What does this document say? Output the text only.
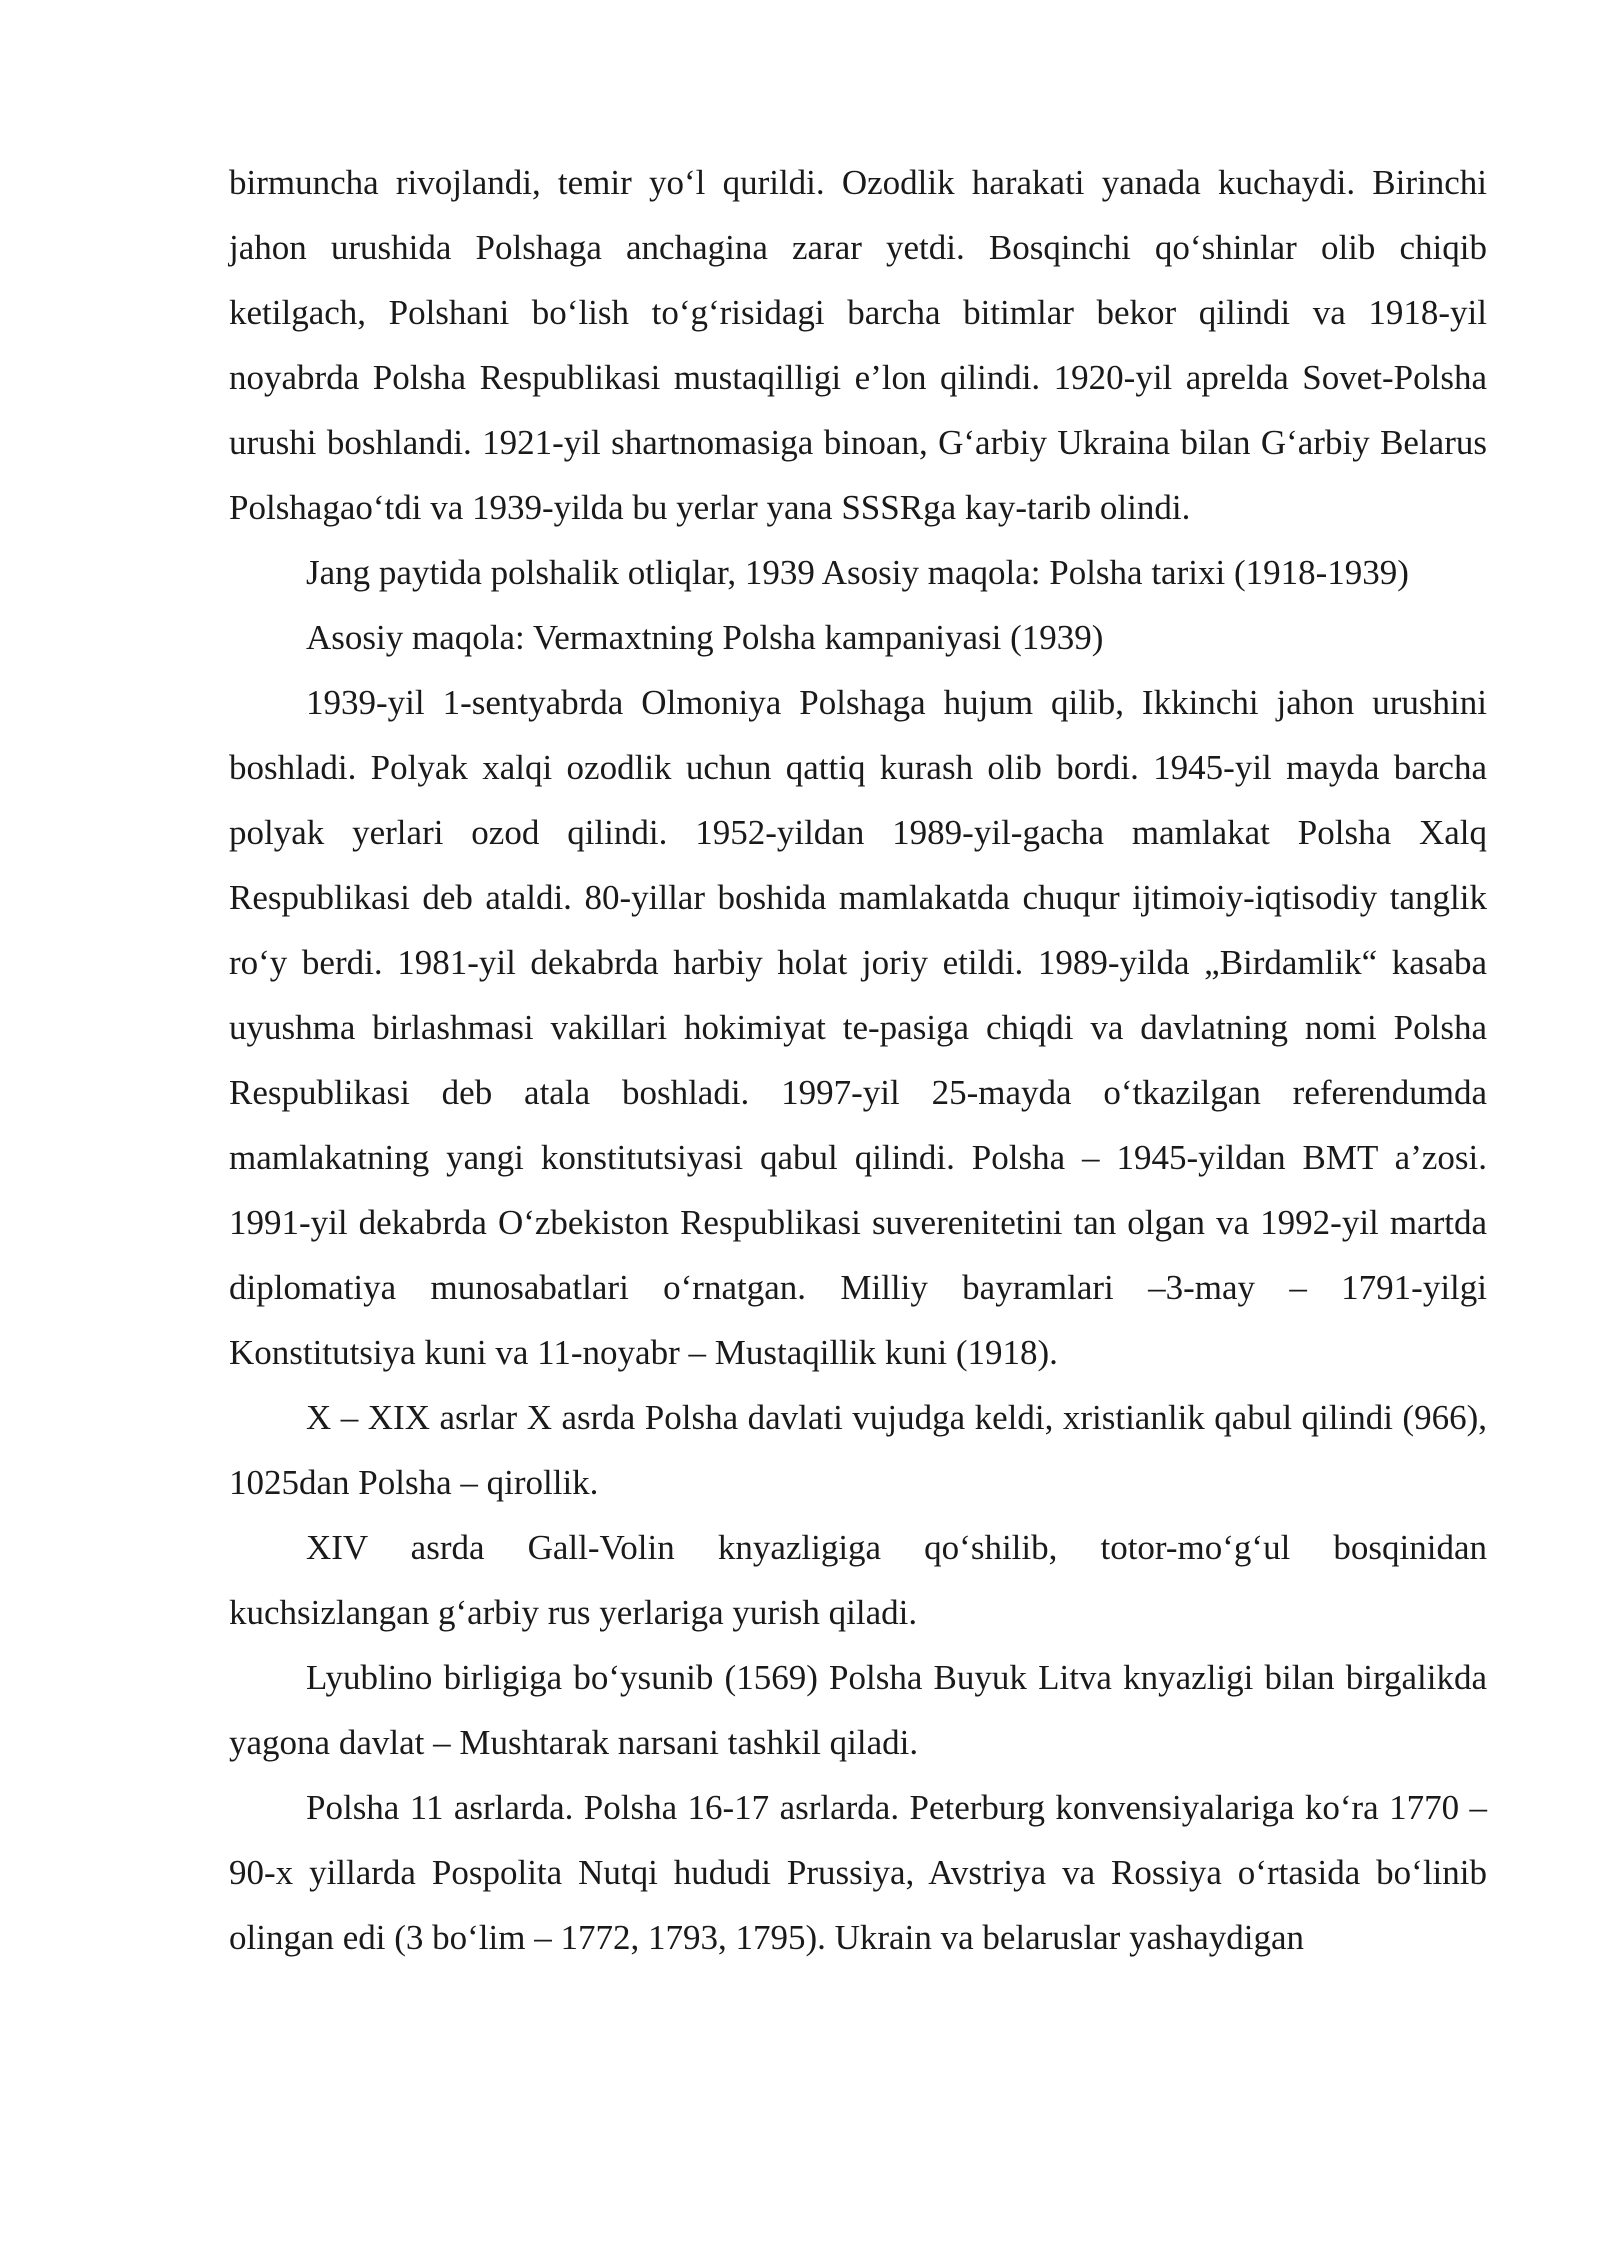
birmuncha rivojlandi, temir yo‘l qurildi. Ozodlik harakati yanada kuchaydi. Birinchi jahon urushida Polshaga anchagina zarar yetdi. Bosqinchi qo‘shinlar olib chiqib ketilgach, Polshani bo‘lish to‘g‘risidagi barcha bitimlar bekor qilindi va 1918-yil noyabrda Polsha Respublikasi mustaqilligi e’lon qilindi. 1920-yil aprelda Sovet-Polsha urushi boshlandi. 1921-yil shartnomasiga binoan, G‘arbiy Ukraina bilan G‘arbiy Belarus Polshagao‘tdi va 1939-yilda bu yerlar yana SSSRga kay-tarib olindi.

Jang paytida polshalik otliqlar, 1939 Asosiy maqola: Polsha tarixi (1918-1939)

Asosiy maqola: Vermaxtning Polsha kampaniyasi (1939)

1939-yil 1-sentyabrda Olmoniya Polshaga hujum qilib, Ikkinchi jahon urushini boshladi. Polyak xalqi ozodlik uchun qattiq kurash olib bordi. 1945-yil mayda barcha polyak yerlari ozod qilindi. 1952-yildan 1989-yil-gacha mamlakat Polsha Xalq Respublikasi deb ataldi. 80-yillar boshida mamlakatda chuqur ijtimoiy-iqtisodiy tanglik ro‘y berdi. 1981-yil dekabrda harbiy holat joriy etildi. 1989-yilda „Birdamlik“ kasaba uyushma birlashmasi vakillari hokimiyat te-pasiga chiqdi va davlatning nomi Polsha Respublikasi deb atala boshladi. 1997-yil 25-mayda o‘tkazilgan referendumda mamlakatning yangi konstitutsiyasi qabul qilindi. Polsha – 1945-yildan BMT a’zosi. 1991-yil dekabrda O‘zbekiston Respublikasi suverenitetini tan olgan va 1992-yil martda diplomatiya munosabatlari o‘rnatgan. Milliy bayramlari –3-may – 1791-yilgi Konstitutsiya kuni va 11-noyabr – Mustaqillik kuni (1918).

X – XIX asrlar X asrda Polsha davlati vujudga keldi, xristianlik qabul qilindi (966), 1025dan Polsha – qirollik.

XIV asrda Gall-Volin knyazligiga qo‘shilib, totor-mo‘g‘ul bosqinidan kuchsizlangan g‘arbiy rus yerlariga yurish qiladi.

Lyublino birligiga bo‘ysunib (1569) Polsha Buyuk Litva knyazligi bilan birgalikda yagona davlat – Mushtarak narsani tashkil qiladi.

Polsha 11 asrlarda. Polsha 16-17 asrlarda. Peterburg konvensiyalariga ko‘ra 1770 –90-x yillarda Pospolita Nutqi hududi Prussiya, Avstriya va Rossiya o‘rtasida bo‘linib olingan edi (3 bo‘lim – 1772, 1793, 1795). Ukrain va belaruslar yashaydigan
